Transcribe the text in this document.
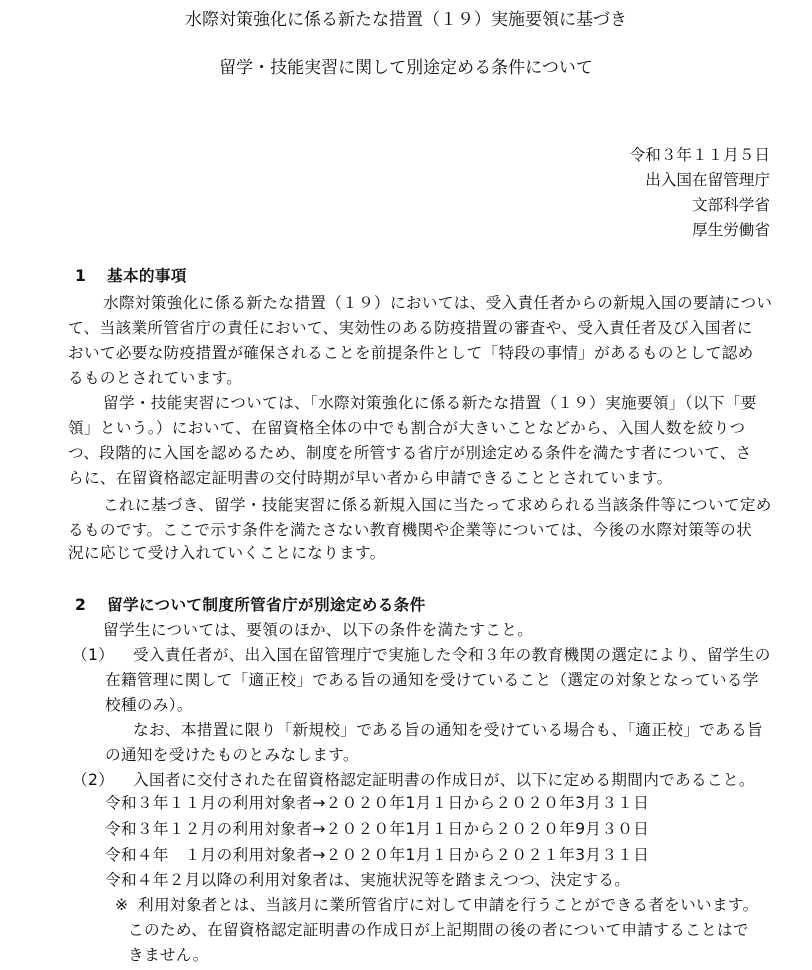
水際対策強化に係る新たな措置（１９）実施要領に基づき
留学・技能実習に関して別途定める条件について
令和３年１１月５日
出入国在留管理庁
文部科学省
厚生労働省
1 基本的事項
水際対策強化に係る新たな措置（１９）においては、受入責任者からの新規入国の要請につい
て、当該業所管省庁の責任において、実効性のある防疫措置の審査や、受入責任者及び入国者に
おいて必要な防疫措置が確保されることを前提条件として「特段の事情」があるものとして認め
るものとされています。
留学・技能実習については、「水際対策強化に係る新たな措置（１９）実施要領」（以下「要
領」という。）において、在留資格全体の中でも割合が大きいことなどから、入国人数を絞りつ
つ、段階的に入国を認めるため、制度を所管する省庁が別途定める条件を満たす者について、さ
らに、在留資格認定証明書の交付時期が早い者から申請できることとされています。
これに基づき、留学・技能実習に係る新規入国に当たって求められる当該条件等について定め
るものです。ここで示す条件を満たさない教育機関や企業等については、今後の水際対策等の状
況に応じて受け入れていくことになります。
2 留学について制度所管省庁が別途定める条件
留学生については、要領のほか、以下の条件を満たすこと。
（1） 受入責任者が、出入国在留管理庁で実施した令和３年の教育機関の選定により、留学生の
在籍管理に関して「適正校」である旨の通知を受けていること（選定の対象となっている学
校種のみ）。
なお、本措置に限り「新規校」である旨の通知を受けている場合も、「適正校」である旨
の通知を受けたものとみなします。
（2） 入国者に交付された在留資格認定証明書の作成日が、以下に定める期間内であること。
令和３年１１月の利用対象者→２０２０年1月１日から２０２０年3月３１日
令和３年１２月の利用対象者→２０２０年1月１日から２０２０年9月３０日
令和４年　１月の利用対象者→２０２０年1月１日から２０２１年3月３１日
令和４年２月以降の利用対象者は、実施状況等を踏まえつつ、決定する。
※ 利用対象者とは、当該月に業所管省庁に対して申請を行うことができる者をいいます。
このため、在留資格認定証明書の作成日が上記期間の後の者について申請することはで
きません。
